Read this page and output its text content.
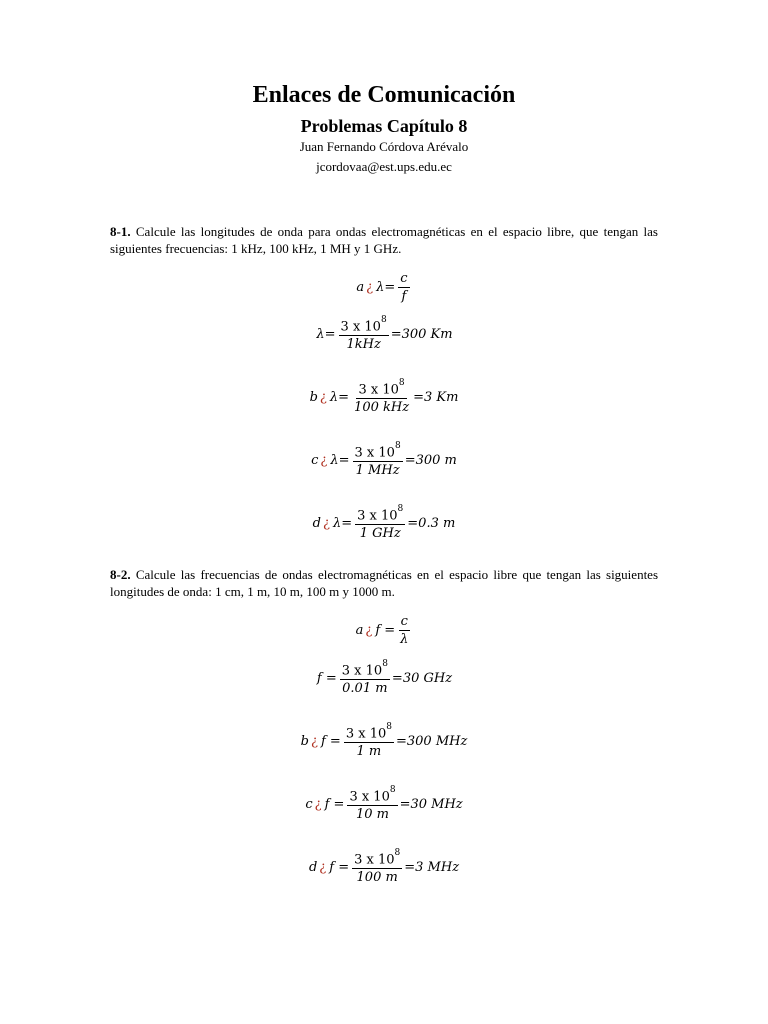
Enlaces de Comunicación
Problemas Capítulo 8
Juan Fernando Córdova Arévalo
jcordovaa@est.ups.edu.ec
8-1. Calcule las longitudes de onda para ondas electromagnéticas en el espacio libre, que tengan las siguientes frecuencias: 1 kHz, 100 kHz, 1 MH y 1 GHz.
a ¿ $\lambda= \frac{c}{f}$
$\lambda= \frac{3 x 10^8}{\text{1kHz}} =300$ Km
b ¿ $\lambda= \frac{3 x 10^8}{\text{100 kHz}} =3$ Km
c ¿ $\lambda= \frac{3 x 10^8}{\text{1 MHz}} =300$ m
d ¿ $\lambda= \frac{3 x 10^8}{\text{1 GHz}} =0.3$ m
8-2. Calcule las frecuencias de ondas electromagnéticas en el espacio libre que tengan las siguientes longitudes de onda: 1 cm, 1 m, 10 m, 100 m y 1000 m.
a ¿ $f = \frac{c}{\lambda}$
$f = \frac{3 x 10^8}{0.01 m} =30$ GHz
b ¿ $f = \frac{3 x 10^8}{1 m} =300$ MHz
c ¿ $f = \frac{3 x 10^8}{10 m} =30$ MHz
d ¿ $f = \frac{3 x 10^8}{100 m} =3$ MHz
